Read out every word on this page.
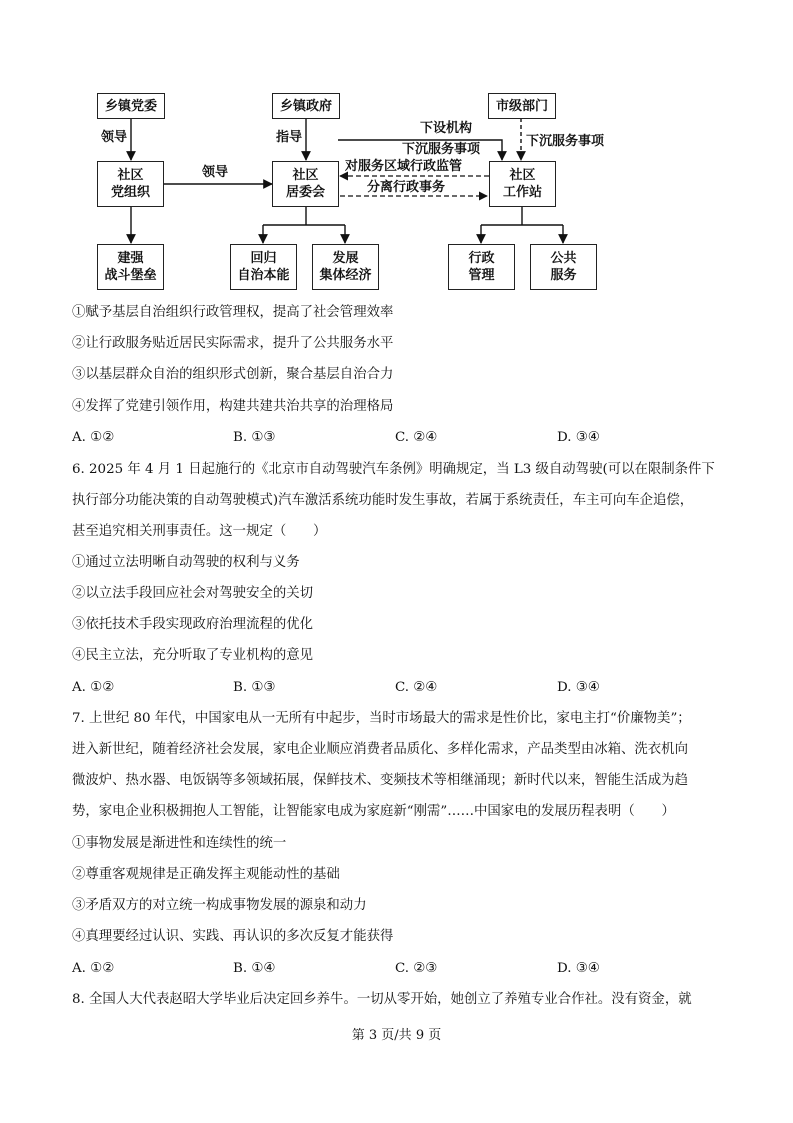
乡镇党委	乡镇政府	市级部门
社区
党组织
社区
居委会
社区
工作站
建强
战斗堡垒
回归
自治本能
发展
集体经济
行政
管理
公共
服务
领导	指导
领导
下设机构
下沉服务事项
下沉服务事项
对服务区域行政监管
分离行政事务
①赋予基层自治组织行政管理权，提高了社会管理效率
②让行政服务贴近居民实际需求，提升了公共服务水平
③以基层群众自治的组织形式创新，聚合基层自治合力
④发挥了党建引领作用，构建共建共治共享的治理格局
A. ①②	B. ①③	C. ②④	D. ③④
6. 2025 年 4 月 1 日起施行的《北京市自动驾驶汽车条例》明确规定，当 L3 级自动驾驶(可以在限制条件下
执行部分功能决策的自动驾驶模式)汽车激活系统功能时发生事故，若属于系统责任，车主可向车企追偿，
甚至追究相关刑事责任。这一规定（　　）
①通过立法明晰自动驾驶的权利与义务
②以立法手段回应社会对驾驶安全的关切
③依托技术手段实现政府治理流程的优化
④民主立法，充分听取了专业机构的意见
A. ①②	B. ①③	C. ②④	D. ③④
7. 上世纪 80 年代，中国家电从一无所有中起步，当时市场最大的需求是性价比，家电主打“价廉物美”；
进入新世纪，随着经济社会发展，家电企业顺应消费者品质化、多样化需求，产品类型由冰箱、洗衣机向
微波炉、热水器、电饭锅等多领域拓展，保鲜技术、变频技术等相继涌现；新时代以来，智能生活成为趋
势，家电企业积极拥抱人工智能，让智能家电成为家庭新“刚需”……中国家电的发展历程表明（　　）
①事物发展是渐进性和连续性的统一
②尊重客观规律是正确发挥主观能动性的基础
③矛盾双方的对立统一构成事物发展的源泉和动力
④真理要经过认识、实践、再认识的多次反复才能获得
A. ①②	B. ①④	C. ②③	D. ③④
8. 全国人大代表赵昭大学毕业后决定回乡养牛。一切从零开始，她创立了养殖专业合作社。没有资金，就
第 3 页/共 9 页
